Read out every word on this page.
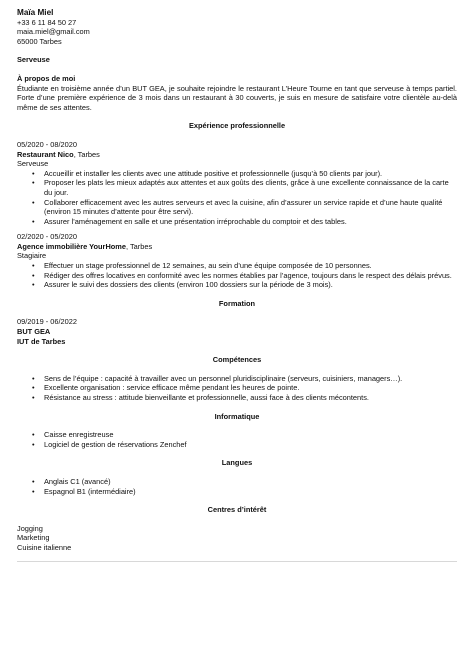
Maïa Miel
+33 6 11 84 50 27
maia.miel@gmail.com
65000 Tarbes
Serveuse
À propos de moi
Étudiante en troisième année d’un BUT GEA, je souhaite rejoindre le restaurant L’Heure Tourne en tant que serveuse à temps partiel. Forte d’une première expérience de 3 mois dans un restaurant à 30 couverts, je suis en mesure de satisfaire votre clientèle au-delà même de ses attentes.
Expérience professionnelle
05/2020 - 08/2020
Restaurant Nico, Tarbes
Serveuse
• Accueillir et installer les clients avec une attitude positive et professionnelle (jusqu’à 50 clients par jour).
• Proposer les plats les mieux adaptés aux attentes et aux goûts des clients, grâce à une excellente connaissance de la carte du jour.
• Collaborer efficacement avec les autres serveurs et avec la cuisine, afin d’assurer un service rapide et d’une haute qualité (environ 15 minutes d’attente pour être servi).
• Assurer l’aménagement en salle et une présentation irréprochable du comptoir et des tables.
02/2020 - 05/2020
Agence immobilière YourHome, Tarbes
Stagiaire
• Effectuer un stage professionnel de 12 semaines, au sein d’une équipe composée de 10 personnes.
• Rédiger des offres locatives en conformité avec les normes établies par l’agence, toujours dans le respect des délais prévus.
• Assurer le suivi des dossiers des clients (environ 100 dossiers sur la période de 3 mois).
Formation
09/2019 - 06/2022
BUT GEA
IUT de Tarbes
Compétences
• Sens de l’équipe : capacité à travailler avec un personnel pluridisciplinaire (serveurs, cuisiniers, managers…).
• Excellente organisation : service efficace même pendant les heures de pointe.
• Résistance au stress : attitude bienveillante et professionnelle, aussi face à des clients mécontents.
Informatique
• Caisse enregistreuse
• Logiciel de gestion de réservations Zenchef
Langues
• Anglais C1 (avancé)
• Espagnol B1 (intermédiaire)
Centres d’intérêt
Jogging
Marketing
Cuisine italienne
